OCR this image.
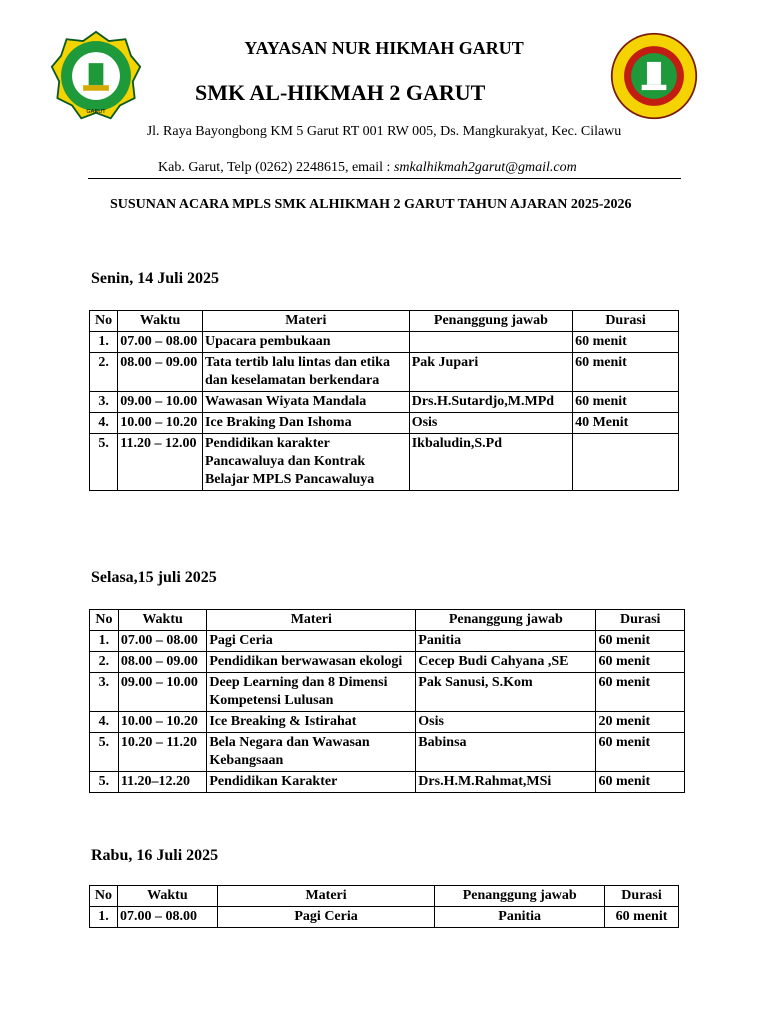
GARUT
YAYASAN NUR HIKMAH GARUT
SMK AL-HIKMAH 2 GARUT
Jl. Raya Bayongbong KM 5 Garut RT 001 RW 005, Ds. Mangkurakyat, Kec. Cilawu
Kab. Garut, Telp (0262) 2248615, email : smkalhikmah2garut@gmail.com
SUSUNAN ACARA MPLS SMK ALHIKMAH 2 GARUT TAHUN AJARAN 2025-2026
Senin, 14 Juli 2025
No	Waktu	Materi	Penanggung jawab	Durasi
1.	07.00 – 08.00	Upacara pembukaan		60 menit
2.	08.00 – 09.00	Tata tertib lalu lintas dan etika dan keselamatan berkendara	Pak Jupari	60 menit
3.	09.00 – 10.00	Wawasan Wiyata Mandala	Drs.H.Sutardjo,M.MPd	60 menit
4.	10.00 – 10.20	Ice Braking Dan Ishoma	Osis	40 Menit
5.	11.20 – 12.00	Pendidikan karakter Pancawaluya dan Kontrak Belajar MPLS Pancawaluya	Ikbaludin,S.Pd	
Selasa,15 juli 2025
No	Waktu	Materi	Penanggung jawab	Durasi
1.	07.00 – 08.00	Pagi Ceria	Panitia	60 menit
2.	08.00 – 09.00	Pendidikan berwawasan ekologi	Cecep Budi Cahyana ,SE	60 menit
3.	09.00 – 10.00	Deep Learning dan 8 Dimensi Kompetensi Lulusan	Pak Sanusi, S.Kom	60 menit
4.	10.00 – 10.20	Ice Breaking & Istirahat	Osis	20 menit
5.	10.20 – 11.20	Bela Negara dan Wawasan Kebangsaan	Babinsa	60 menit
5.	11.20–12.20	Pendidikan Karakter	Drs.H.M.Rahmat,MSi	60 menit
Rabu, 16 Juli 2025
No	Waktu	Materi	Penanggung jawab	Durasi
1.	07.00 – 08.00	Pagi Ceria	Panitia	60 menit
